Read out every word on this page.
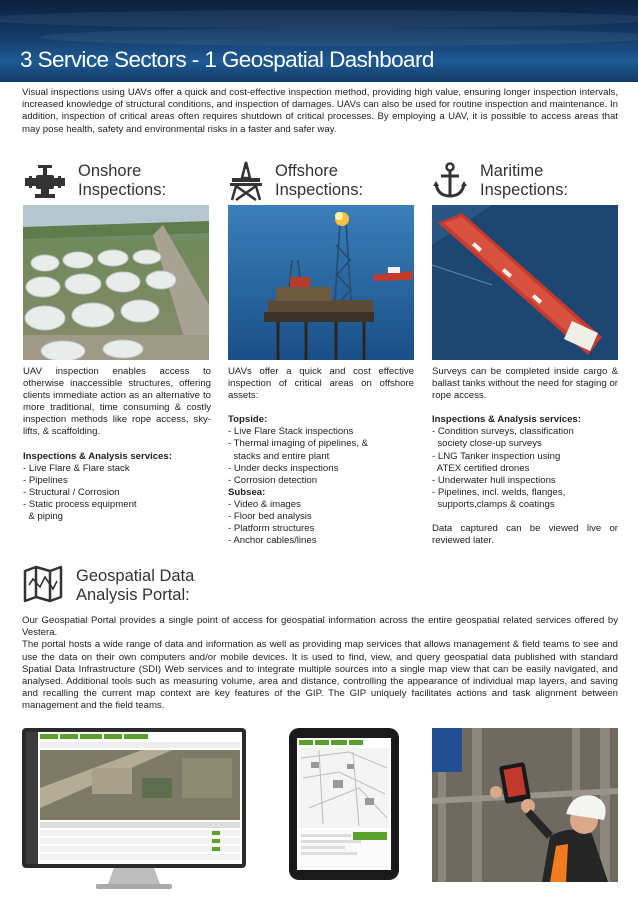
3 Service Sectors - 1 Geospatial Dashboard

Visual inspections using UAVs offer a quick and cost-effective inspection method, providing high value, ensuring longer inspection intervals, increased knowledge of structural conditions, and inspection of damages. UAVs can also be used for routine inspection and maintenance. In addition, inspection of critical areas often requires shutdown of critical processes. By employing a UAV, it is possible to access areas that may pose health, safety and environmental risks in a faster and safer way.

Onshore
Inspections:
Offshore
Inspections:
Maritime
Inspections:

UAV inspection enables access to otherwise inaccessible structures, offering clients immediate action as an alternative to more traditional, time consuming & costly inspection methods like rope access, sky-lifts, & scaffolding.

Inspections & Analysis services:
- Live Flare & Flare stack
- Pipelines
- Structural / Corrosion
- Static process equipment
& piping

UAVs offer a quick and cost effective inspection of critical areas on offshore assets:

Topside:
- Live Flare Stack inspections
- Thermal imaging of pipelines, &
stacks and entire plant
- Under decks inspections
- Corrosion detection
Subsea:
- Video & images
- Floor bed analysis
- Platform structures
- Anchor cables/lines

Surveys can be completed inside cargo & ballast tanks without the need for staging or rope access.

Inspections & Analysis services:
- Condition surveys, classification
society close-up surveys
- LNG Tanker inspection using
ATEX certified drones
- Underwater hull inspections
- Pipelines, incl. welds, flanges,
supports,clamps & coatings

Data captured can be viewed live or reviewed later.

Geospatial Data
Analysis Portal:

Our Geospatial Portal provides a single point of access for geospatial information across the entire geospatial related services offered by Vestera.

The portal hosts a wide range of data and information as well as providing map services that allows management & field teams to see and use the data on their own computers and/or mobile devices. It is used to find, view, and query geospatial data published with standard Spatial Data Infrastructure (SDI) Web services and to integrate multiple sources into a single map view that can be easily navigated, and analysed. Additional tools such as measuring volume, area and distance, controlling the appearance of individual map layers, and saving and recalling the current map context are key features of the GIP. The GIP uniquely facilitates actions and task alignment between management and the field teams.
